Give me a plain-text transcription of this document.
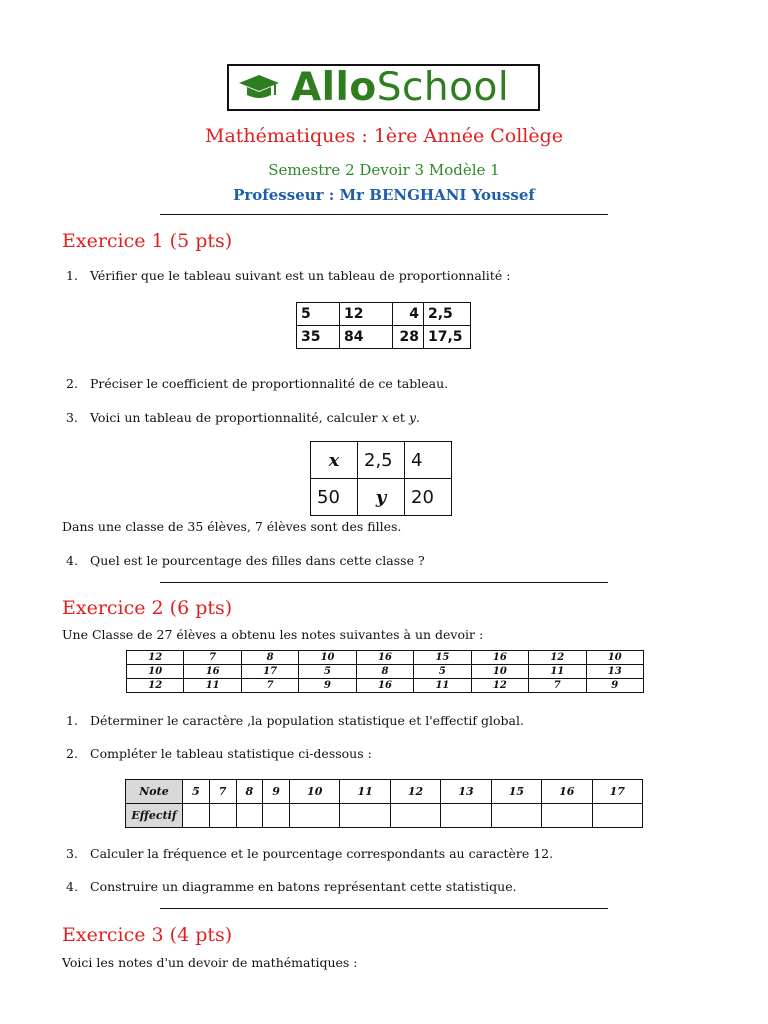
AlloSchool
Mathématiques : 1ère Année Collège
Semestre 2 Devoir 3 Modèle 1
Professeur : Mr BENGHANI Youssef
Exercice 1 (5 pts)
1. Vérifier que le tableau suivant est un tableau de proportionnalité :
5	12	4	2,5
35	84	28	17,5
2. Préciser le coefficient de proportionnalité de ce tableau.
3. Voici un tableau de proportionnalité, calculer x et y.
x	2,5	4
50	y	20
Dans une classe de 35 élèves, 7 élèves sont des filles.
4. Quel est le pourcentage des filles dans cette classe ?
Exercice 2 (6 pts)
Une Classe de 27 élèves a obtenu les notes suivantes à un devoir :
12	7	8	10	16	15	16	12	10
10	16	17	5	8	5	10	11	13
12	11	7	9	16	11	12	7	9
1. Déterminer le caractère ,la population statistique et l'effectif global.
2. Compléter le tableau statistique ci-dessous :
Note	5	7	8	9	10	11	12	13	15	16	17
Effectif											
3. Calculer la fréquence et le pourcentage correspondants au caractère 12.
4. Construire un diagramme en batons représentant cette statistique.
Exercice 3 (4 pts)
Voici les notes d'un devoir de mathématiques :
